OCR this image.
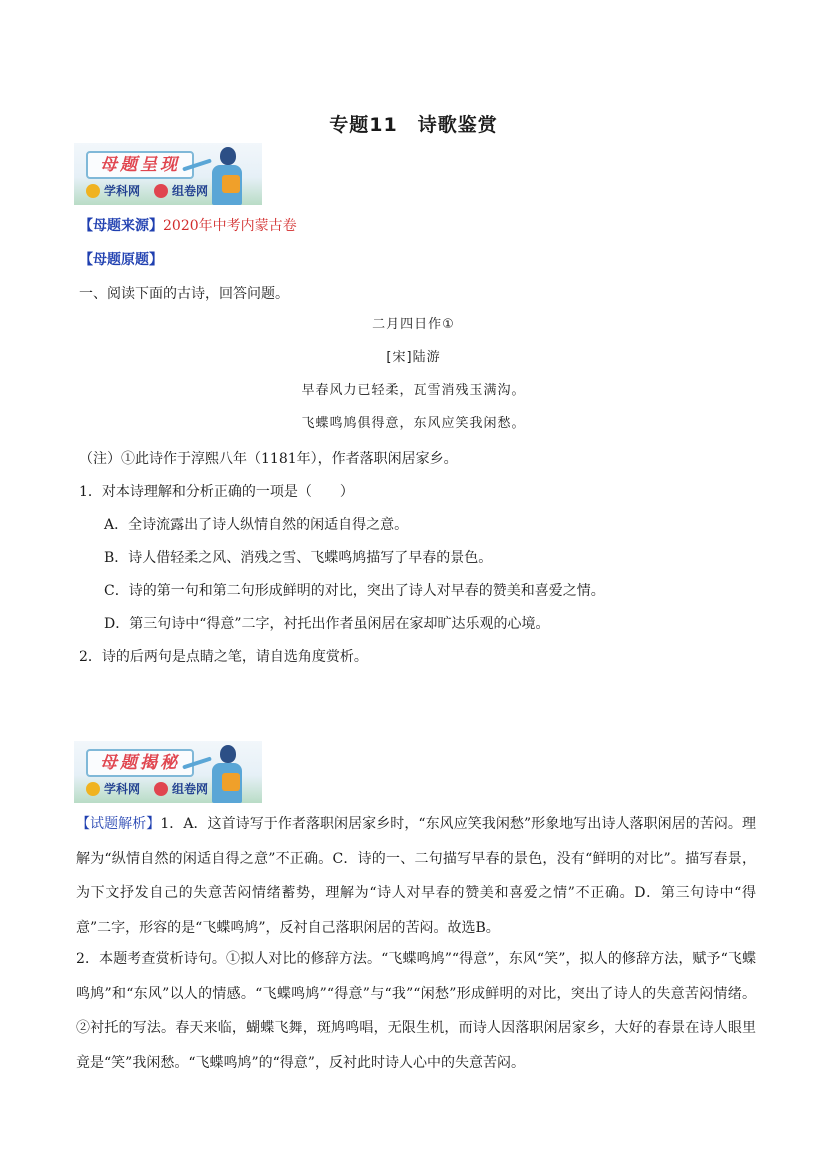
专题11　诗歌鉴赏
母题呈现
学科网	组卷网
【母题来源】2020年中考内蒙古卷
【母题原题】
一、阅读下面的古诗，回答问题。
二月四日作①
[宋]陆游
早春风力已轻柔，瓦雪消残玉满沟。
飞蝶鸣鸠俱得意，东风应笑我闲愁。
（注）①此诗作于淳熙八年（1181年），作者落职闲居家乡。
1．对本诗理解和分析正确的一项是（　　）
A．全诗流露出了诗人纵情自然的闲适自得之意。
B．诗人借轻柔之风、消残之雪、飞蝶鸣鸠描写了早春的景色。
C．诗的第一句和第二句形成鲜明的对比，突出了诗人对早春的赞美和喜爱之情。
D．第三句诗中“得意”二字，衬托出作者虽闲居在家却旷达乐观的心境。
2．诗的后两句是点睛之笔，请自选角度赏析。
母题揭秘
学科网	组卷网
【试题解析】1．A．这首诗写于作者落职闲居家乡时，“东风应笑我闲愁”形象地写出诗人落职闲居的苦闷。理解为“纵情自然的闲适自得之意”不正确。C．诗的一、二句描写早春的景色，没有“鲜明的对比”。描写春景，为下文抒发自己的失意苦闷情绪蓄势，理解为“诗人对早春的赞美和喜爱之情”不正确。D．第三句诗中“得意”二字，形容的是“飞蝶鸣鸠”，反衬自己落职闲居的苦闷。故选B。
2．本题考查赏析诗句。①拟人对比的修辞方法。“飞蝶鸣鸠”“得意”，东风“笑”，拟人的修辞方法，赋予“飞蝶鸣鸠”和“东风”以人的情感。“飞蝶鸣鸠”“得意”与“我”“闲愁”形成鲜明的对比，突出了诗人的失意苦闷情绪。②衬托的写法。春天来临，蝴蝶飞舞，斑鸠鸣唱，无限生机，而诗人因落职闲居家乡，大好的春景在诗人眼里竟是“笑”我闲愁。“飞蝶鸣鸠”的“得意”，反衬此时诗人心中的失意苦闷。
